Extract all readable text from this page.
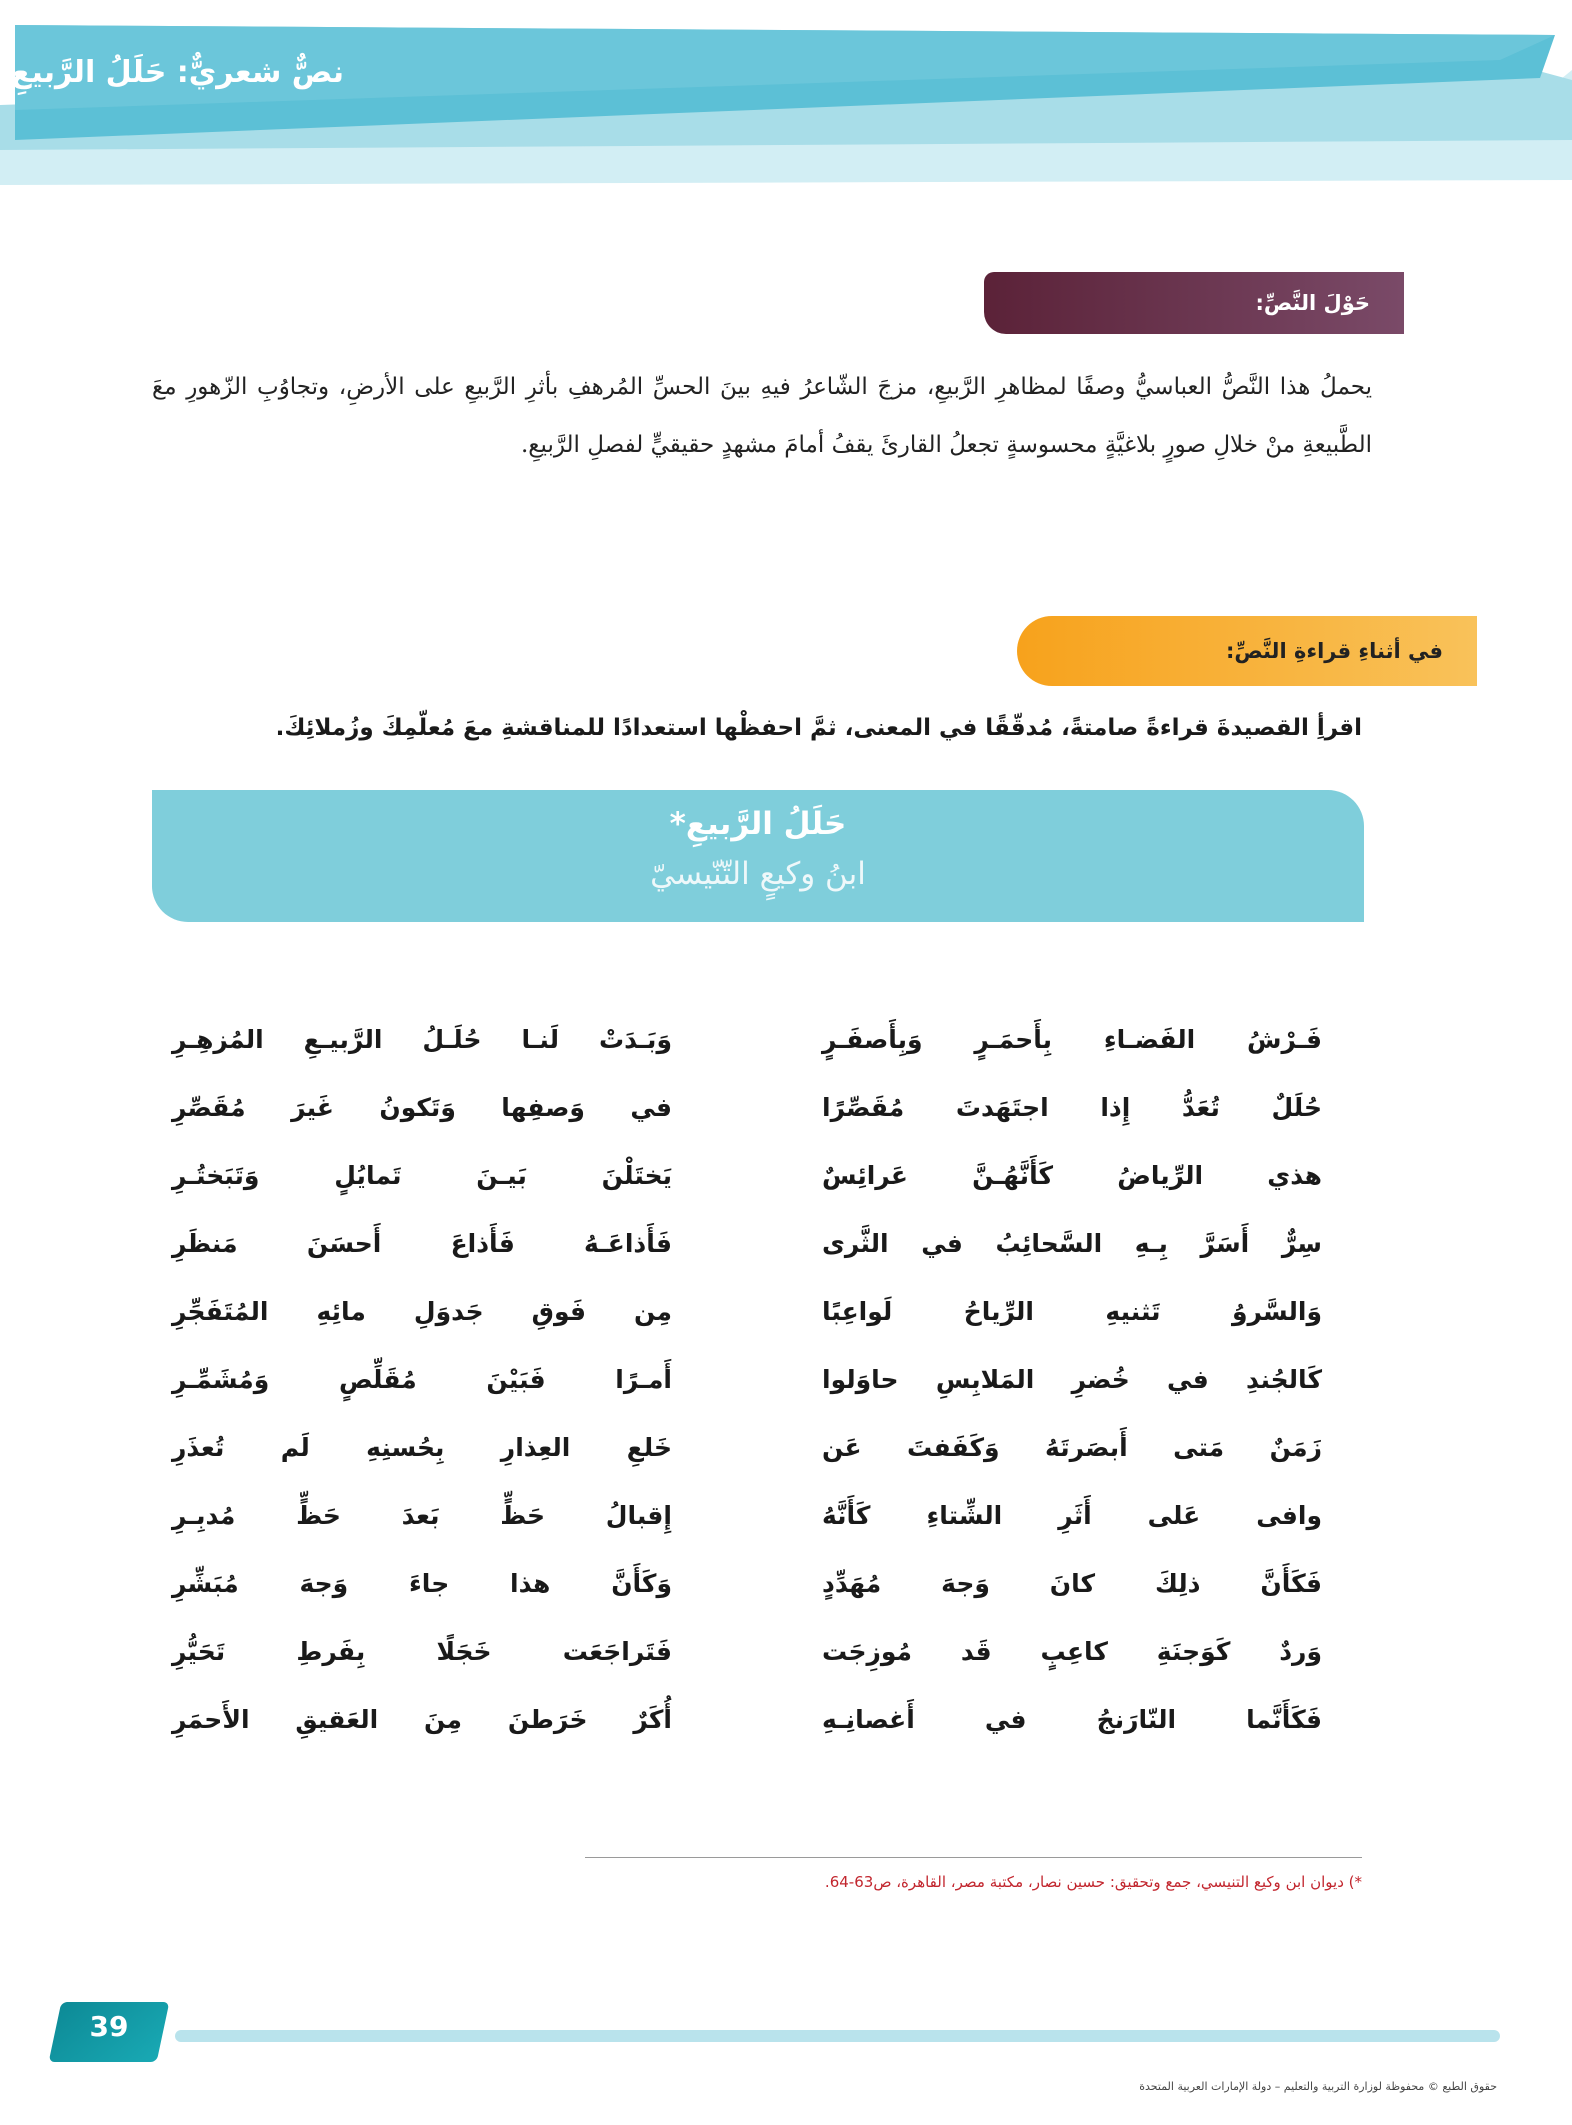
نصٌّ شعريٌّ: حَلَلُ الرَّبيعِ
حَوْلَ النَّصِّ:
يحملُ هذا النَّصُّ العباسيُّ وصفًا لمظاهرِ الرَّبيعِ، مزجَ الشّاعرُ فيهِ بينَ الحسِّ المُرهفِ بأثرِ الرَّبيعِ على الأرضِ، وتجاوُبِ الزّهورِ معَ الطَّبيعةِ منْ خلالِ صورٍ بلاغيَّةٍ محسوسةٍ تجعلُ القارئَ يقفُ أمامَ مشهدٍ حقيقيٍّ لفصلِ الرَّبيعِ.
في أثناءِ قراءةِ النَّصِّ:
اقرأِ القصيدةَ قراءةً صامتةً، مُدقّقًا في المعنى، ثمَّ احفظْها استعدادًا للمناقشةِ معَ مُعلّمِكَ وزُملائِكَ.
حَلَلُ الرَّبيعِ*
ابنُ وكيعٍ التّنّيسيّ
فَـرْشُ الفَضـاءِ بِأَحمَـرٍ وَبِأَصفَـرٍ
وَبَـدَتْ لَنـا حُلَـلُ الرَّبيـعِ المُزهِـرِ
حُلَلٌ تُعَدُّ إِذا اجتَهَدتَ مُقَصِّرًا
في وَصفِها وَتَكونُ غَيرَ مُقَصِّرِ
هذي الرِّياضُ كَأَنَّهُـنَّ عَرائِسٌ
يَختَلْنَ بَيـنَ تَمايُلٍ وَتَبَختُـرِ
سِرٌّ أَسَرَّ بِـهِ السَّحائِبُ في الثَّرى
فَأَذاعَـهُ فَأَذاعَ أَحسَنَ مَنظَرِ
وَالسَّروُ تَثنيهِ الرِّياحُ لَواعِبًا
مِن فَوقِ جَدوَلِ مائِهِ المُتَفَجِّرِ
كَالجُندِ في خُضرِ المَلابِسِ حاوَلوا
أَمـرًا فَبَيْنَ مُقَلِّصٍ وَمُشَمِّـرِ
زَمَنٌ مَتى أَبصَرتَهُ وَكَفَفتَ عَن
خَلعِ العِذارِ بِحُسنِهِ لَم تُعذَرِ
وافى عَلى أَثَرِ الشِّتاءِ كَأَنَّهُ
إِقبالُ حَظٍّ بَعدَ حَظٍّ مُدبِـرِ
فَكَأَنَّ ذلِكَ كانَ وَجهَ مُهَدِّدٍ
وَكَأَنَّ هذا جاءَ وَجهَ مُبَشِّرِ
وَردٌ كَوَجنَةِ كاعِبٍ قَد مُوزِجَت
فَتَراجَعَت خَجَلًا بِفَرطِ تَحَيُّرِ
فَكَأَنَّما النّارَنجُ في أَغصانِـهِ
أُكَرٌ خَرَطنَ مِنَ العَقيقِ الأَحمَرِ
*) ديوان ابن وكيع التنيسي، جمع وتحقيق: حسين نصار، مكتبة مصر، القاهرة، ص63-64.
39
حقوق الطبع © محفوظة لوزارة التربية والتعليم – دولة الإمارات العربية المتحدة
